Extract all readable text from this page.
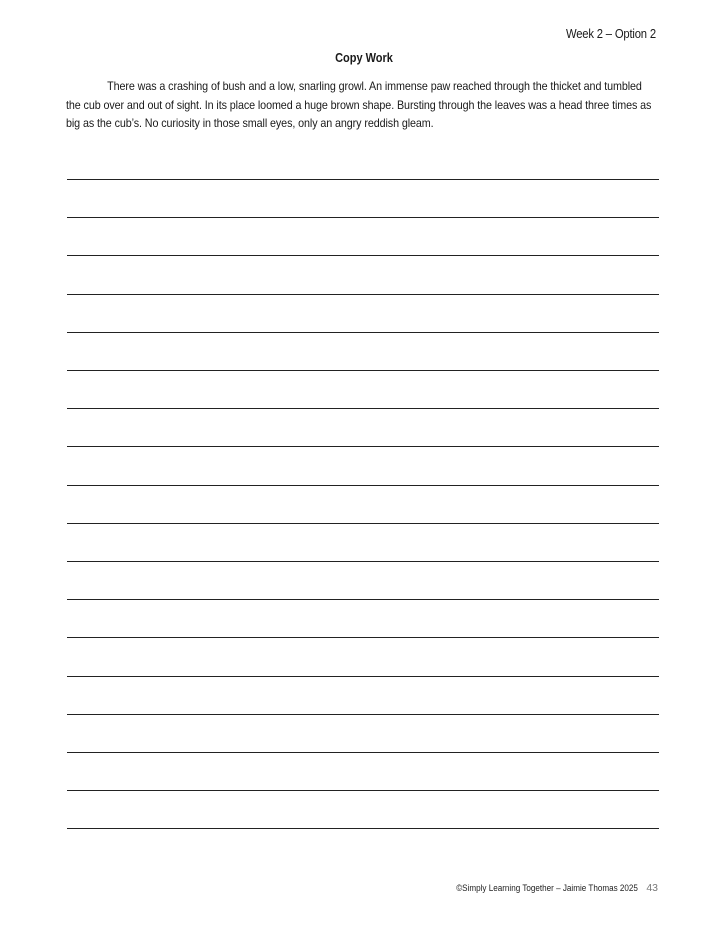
Week 2 – Option 2
Copy Work

There was a crashing of bush and a low, snarling growl. An immense paw reached through the thicket and tumbled the cub over and out of sight. In its place loomed a huge brown shape. Bursting through the leaves was a head three times as big as the cub’s. No curiosity in those small eyes, only an angry reddish gleam.

©Simply Learning Together – Jaimie Thomas 2025 43
